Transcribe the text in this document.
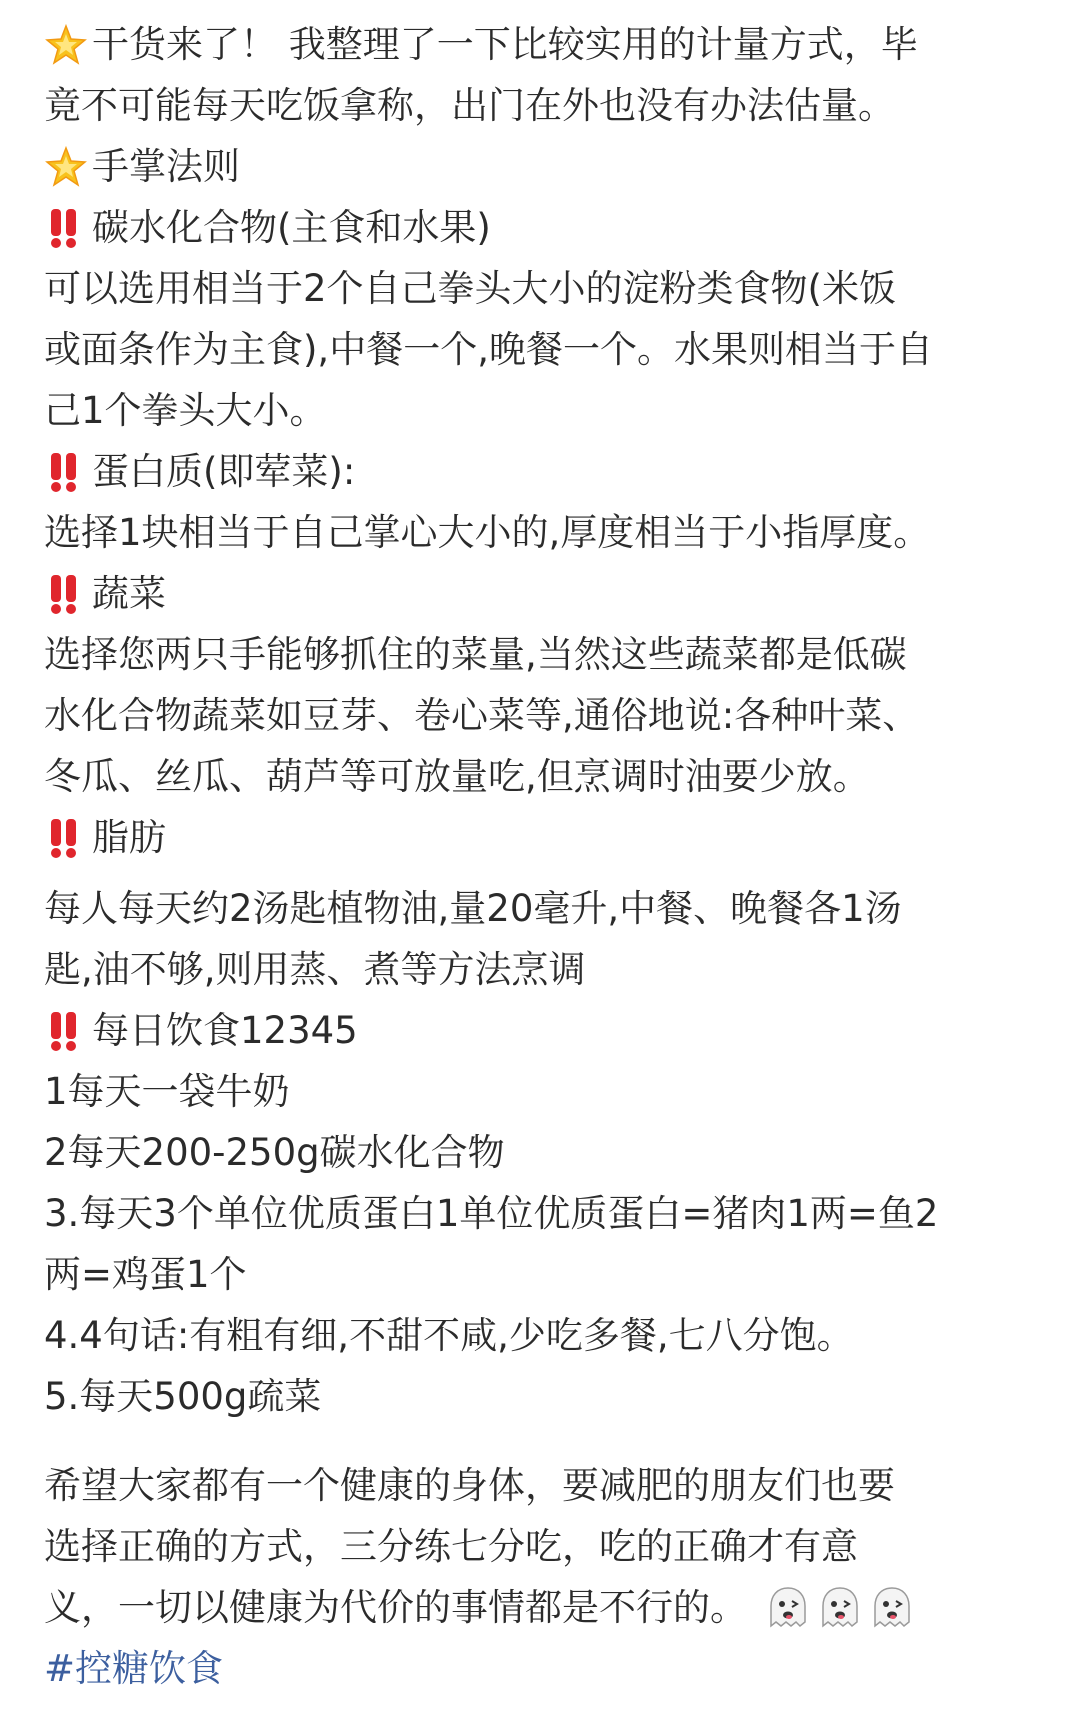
干货来了！ 我整理了一下比较实用的计量方式，毕
竟不可能每天吃饭拿称，出门在外也没有办法估量。
手掌法则
碳水化合物(主食和水果)
可以选用相当于2个自己拳头大小的淀粉类食物(米饭
或面条作为主食),中餐一个,晚餐一个。水果则相当于自
己1个拳头大小。
蛋白质(即荤菜):
选择1块相当于自己掌心大小的,厚度相当于小指厚度。
蔬菜
选择您两只手能够抓住的菜量,当然这些蔬菜都是低碳
水化合物蔬菜如豆芽、卷心菜等,通俗地说:各种叶菜、
冬瓜、丝瓜、葫芦等可放量吃,但烹调时油要少放。
脂肪
每人每天约2汤匙植物油,量20毫升,中餐、晚餐各1汤
匙,油不够,则用蒸、煮等方法烹调
每日饮食12345
1每天一袋牛奶
2每天200-250g碳水化合物
3.每天3个单位优质蛋白1单位优质蛋白=猪肉1两=鱼2
两=鸡蛋1个
4.4句话:有粗有细,不甜不咸,少吃多餐,七八分饱。
5.每天500g疏菜
希望大家都有一个健康的身体，要减肥的朋友们也要
选择正确的方式，三分练七分吃，吃的正确才有意
义，一切以健康为代价的事情都是不行的。
#控糖饮食
